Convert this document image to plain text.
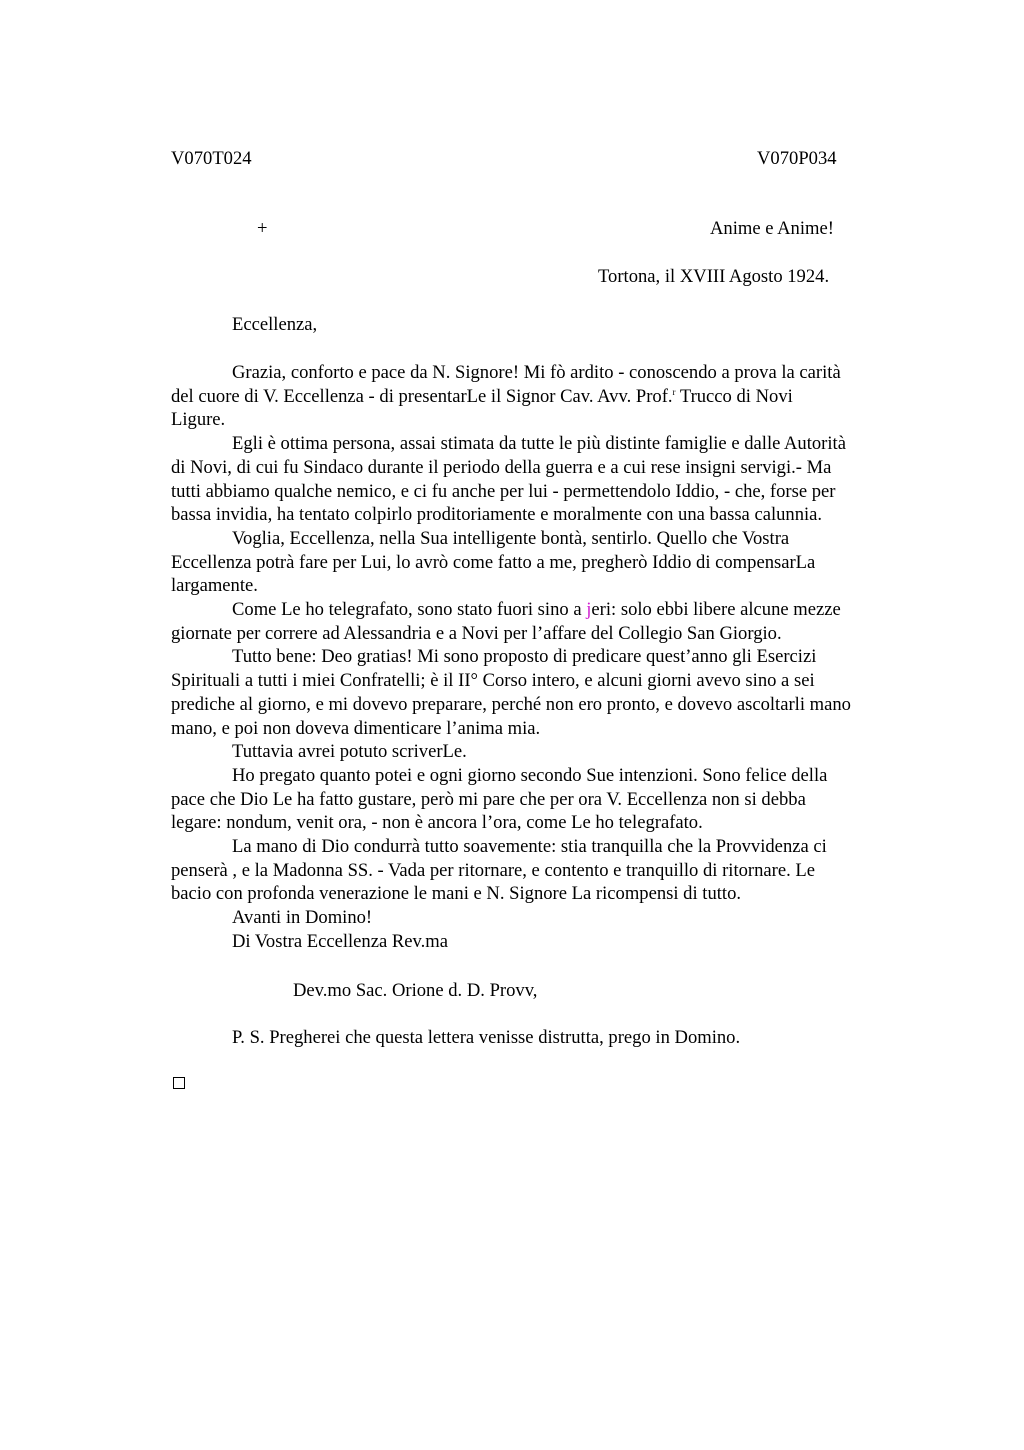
V070T024	V070P034
+	Anime e Anime!
Tortona, il XVIII Agosto 1924.
Eccellenza,
Grazia, conforto e pace da N. Signore! Mi fò ardito - conoscendo a prova la carità
del cuore di V. Eccellenza - di presentarLe il Signor Cav. Avv. Prof.$^r$ Trucco di Novi
Ligure.
Egli è ottima persona, assai stimata da tutte le più distinte famiglie e dalle Autorità
di Novi, di cui fu Sindaco durante il periodo della guerra e a cui rese insigni servigi.- Ma
tutti abbiamo qualche nemico, e ci fu anche per lui - permettendolo Iddio, - che, forse per
bassa invidia, ha tentato colpirlo proditoriamente e moralmente con una bassa calunnia.
Voglia, Eccellenza, nella Sua intelligente bontà, sentirlo. Quello che Vostra
Eccellenza potrà fare per Lui, lo avrò come fatto a me, pregherò Iddio di compensarLa
largamente.
Come Le ho telegrafato, sono stato fuori sino a jeri: solo ebbi libere alcune mezze
giornate per correre ad Alessandria e a Novi per l’affare del Collegio San Giorgio.
Tutto bene: Deo gratias! Mi sono proposto di predicare quest’anno gli Esercizi
Spirituali a tutti i miei Confratelli; è il II° Corso intero, e alcuni giorni avevo sino a sei
prediche al giorno, e mi dovevo preparare, perché non ero pronto, e dovevo ascoltarli mano
mano, e poi non doveva dimenticare l’anima mia.
Tuttavia avrei potuto scriverLe.
Ho pregato quanto potei e ogni giorno secondo Sue intenzioni. Sono felice della
pace che Dio Le ha fatto gustare, però mi pare che per ora V. Eccellenza non si debba
legare: nondum, venit ora, - non è ancora l’ora, come Le ho telegrafato.
La mano di Dio condurrà tutto soavemente: stia tranquilla che la Provvidenza ci
penserà , e la Madonna SS. - Vada per ritornare, e contento e tranquillo di ritornare. Le
bacio con profonda venerazione le mani e N. Signore La ricompensi di tutto.
Avanti in Domino!
Di Vostra Eccellenza Rev.ma
Dev.mo Sac. Orione d. D. Provv,
P. S. Pregherei che questa lettera venisse distrutta, prego in Domino.
